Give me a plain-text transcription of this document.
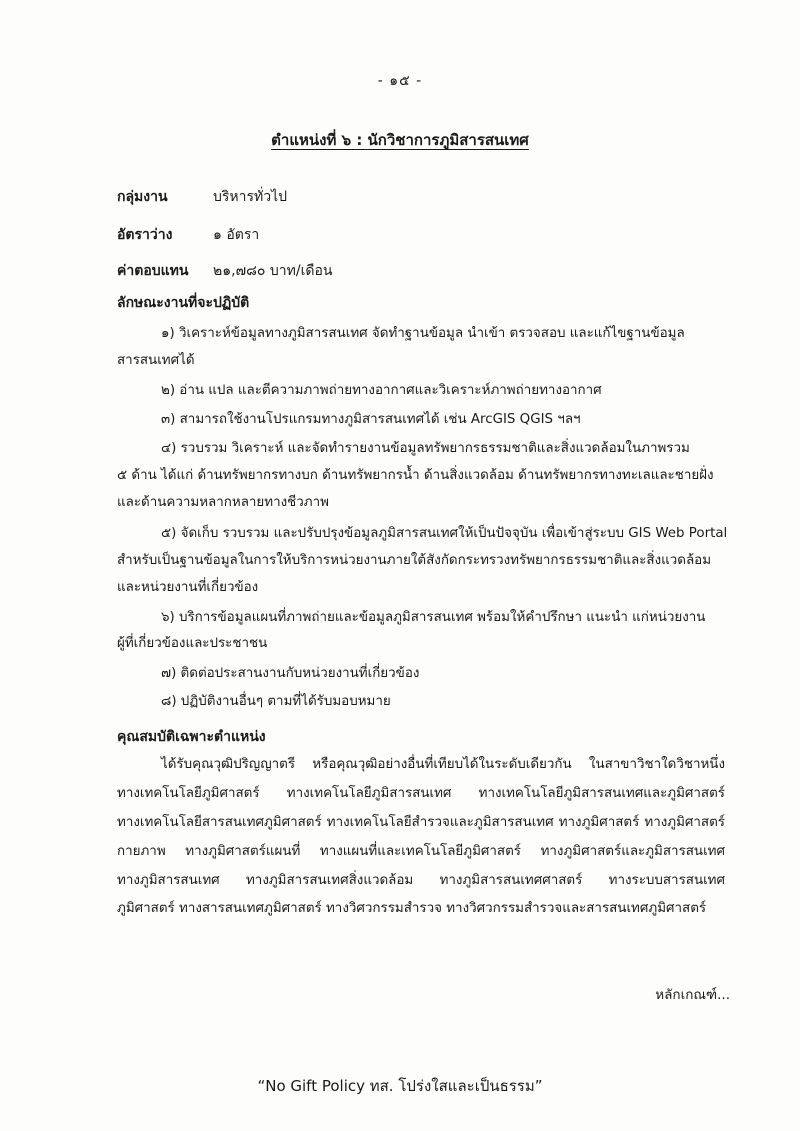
- ๑๕ -
ตำแหน่งที่ ๖ : นักวิชาการภูมิสารสนเทศ
กลุ่มงาน	บริหารทั่วไป
อัตราว่าง	๑ อัตรา
ค่าตอบแทน	๒๑,๗๘๐ บาท/เดือน
ลักษณะงานที่จะปฏิบัติ
๑) วิเคราะห์ข้อมูลทางภูมิสารสนเทศ จัดทำฐานข้อมูล นำเข้า ตรวจสอบ และแก้ไขฐานข้อมูล
สารสนเทศได้
๒) อ่าน แปล และตีความภาพถ่ายทางอากาศและวิเคราะห์ภาพถ่ายทางอากาศ
๓) สามารถใช้งานโปรแกรมทางภูมิสารสนเทศได้ เช่น ArcGIS QGIS ฯลฯ
๔) รวบรวม วิเคราะห์ และจัดทำรายงานข้อมูลทรัพยากรธรรมชาติและสิ่งแวดล้อมในภาพรวม
๕ ด้าน ได้แก่ ด้านทรัพยากรทางบก ด้านทรัพยากรน้ำ ด้านสิ่งแวดล้อม ด้านทรัพยากรทางทะเลและชายฝั่ง
และด้านความหลากหลายทางชีวภาพ
๕) จัดเก็บ รวบรวม และปรับปรุงข้อมูลภูมิสารสนเทศให้เป็นปัจจุบัน เพื่อเข้าสู่ระบบ GIS Web Portal
สำหรับเป็นฐานข้อมูลในการให้บริการหน่วยงานภายใต้สังกัดกระทรวงทรัพยากรธรรมชาติและสิ่งแวดล้อม
และหน่วยงานที่เกี่ยวข้อง
๖) บริการข้อมูลแผนที่ภาพถ่ายและข้อมูลภูมิสารสนเทศ พร้อมให้คำปรึกษา แนะนำ แก่หน่วยงาน
ผู้ที่เกี่ยวข้องและประชาชน
๗) ติดต่อประสานงานกับหน่วยงานที่เกี่ยวข้อง
๘) ปฏิบัติงานอื่นๆ ตามที่ได้รับมอบหมาย
คุณสมบัติเฉพาะตำแหน่ง
ได้รับคุณวุฒิปริญญาตรี หรือคุณวุฒิอย่างอื่นที่เทียบได้ในระดับเดียวกัน ในสาขาวิชาใดวิชาหนึ่ง
ทางเทคโนโลยีภูมิศาสตร์ ทางเทคโนโลยีภูมิสารสนเทศ ทางเทคโนโลยีภูมิสารสนเทศและภูมิศาสตร์
ทางเทคโนโลยีสารสนเทศภูมิศาสตร์ ทางเทคโนโลยีสำรวจและภูมิสารสนเทศ ทางภูมิศาสตร์ ทางภูมิศาสตร์
กายภาพ ทางภูมิศาสตร์แผนที่ ทางแผนที่และเทคโนโลยีภูมิศาสตร์ ทางภูมิศาสตร์และภูมิสารสนเทศ
ทางภูมิสารสนเทศ ทางภูมิสารสนเทศสิ่งแวดล้อม ทางภูมิสารสนเทศศาสตร์ ทางระบบสารสนเทศ
ภูมิศาสตร์ ทางสารสนเทศภูมิศาสตร์ ทางวิศวกรรมสำรวจ ทางวิศวกรรมสำรวจและสารสนเทศภูมิศาสตร์
หลักเกณฑ์...
“No Gift Policy ทส. โปร่งใสและเป็นธรรม”
